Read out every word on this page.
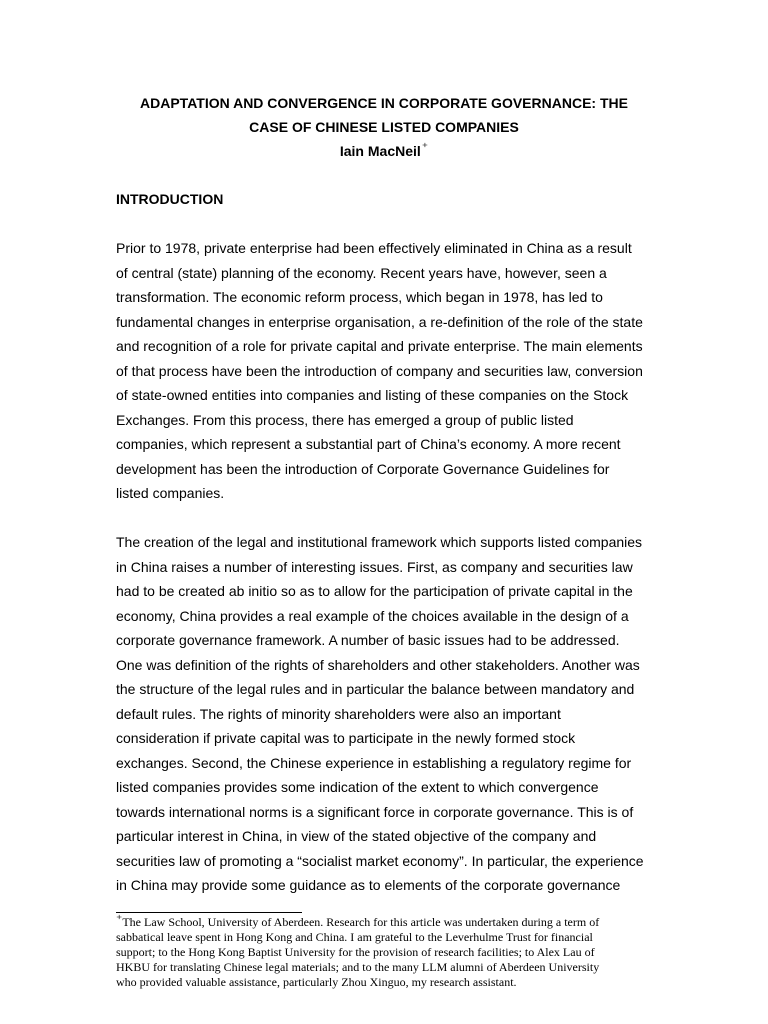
ADAPTATION AND CONVERGENCE IN CORPORATE GOVERNANCE: THE
CASE OF CHINESE LISTED COMPANIES
Iain MacNeil⁺
INTRODUCTION
Prior to 1978, private enterprise had been effectively eliminated in China as a result
of central (state) planning of the economy. Recent years have, however, seen a
transformation. The economic reform process, which began in 1978, has led to
fundamental changes in enterprise organisation, a re-definition of the role of the state
and recognition of a role for private capital and private enterprise. The main elements
of that process have been the introduction of company and securities law, conversion
of state-owned entities into companies and listing of these companies on the Stock
Exchanges. From this process, there has emerged a group of public listed
companies, which represent a substantial part of China’s economy. A more recent
development has been the introduction of Corporate Governance Guidelines for
listed companies.
The creation of the legal and institutional framework which supports listed companies
in China raises a number of interesting issues. First, as company and securities law
had to be created ab initio so as to allow for the participation of private capital in the
economy, China provides a real example of the choices available in the design of a
corporate governance framework. A number of basic issues had to be addressed.
One was definition of the rights of shareholders and other stakeholders. Another was
the structure of the legal rules and in particular the balance between mandatory and
default rules. The rights of minority shareholders were also an important
consideration if private capital was to participate in the newly formed stock
exchanges. Second, the Chinese experience in establishing a regulatory regime for
listed companies provides some indication of the extent to which convergence
towards international norms is a significant force in corporate governance. This is of
particular interest in China, in view of the stated objective of the company and
securities law of promoting a “socialist market economy”. In particular, the experience
in China may provide some guidance as to elements of the corporate governance
⁺The Law School, University of Aberdeen. Research for this article was undertaken during a term of
sabbatical leave spent in Hong Kong and China. I am grateful to the Leverhulme Trust for financial
support; to the Hong Kong Baptist University for the provision of research facilities; to Alex Lau of
HKBU for translating Chinese legal materials; and to the many LLM alumni of Aberdeen University
who provided valuable assistance, particularly Zhou Xinguo, my research assistant.
